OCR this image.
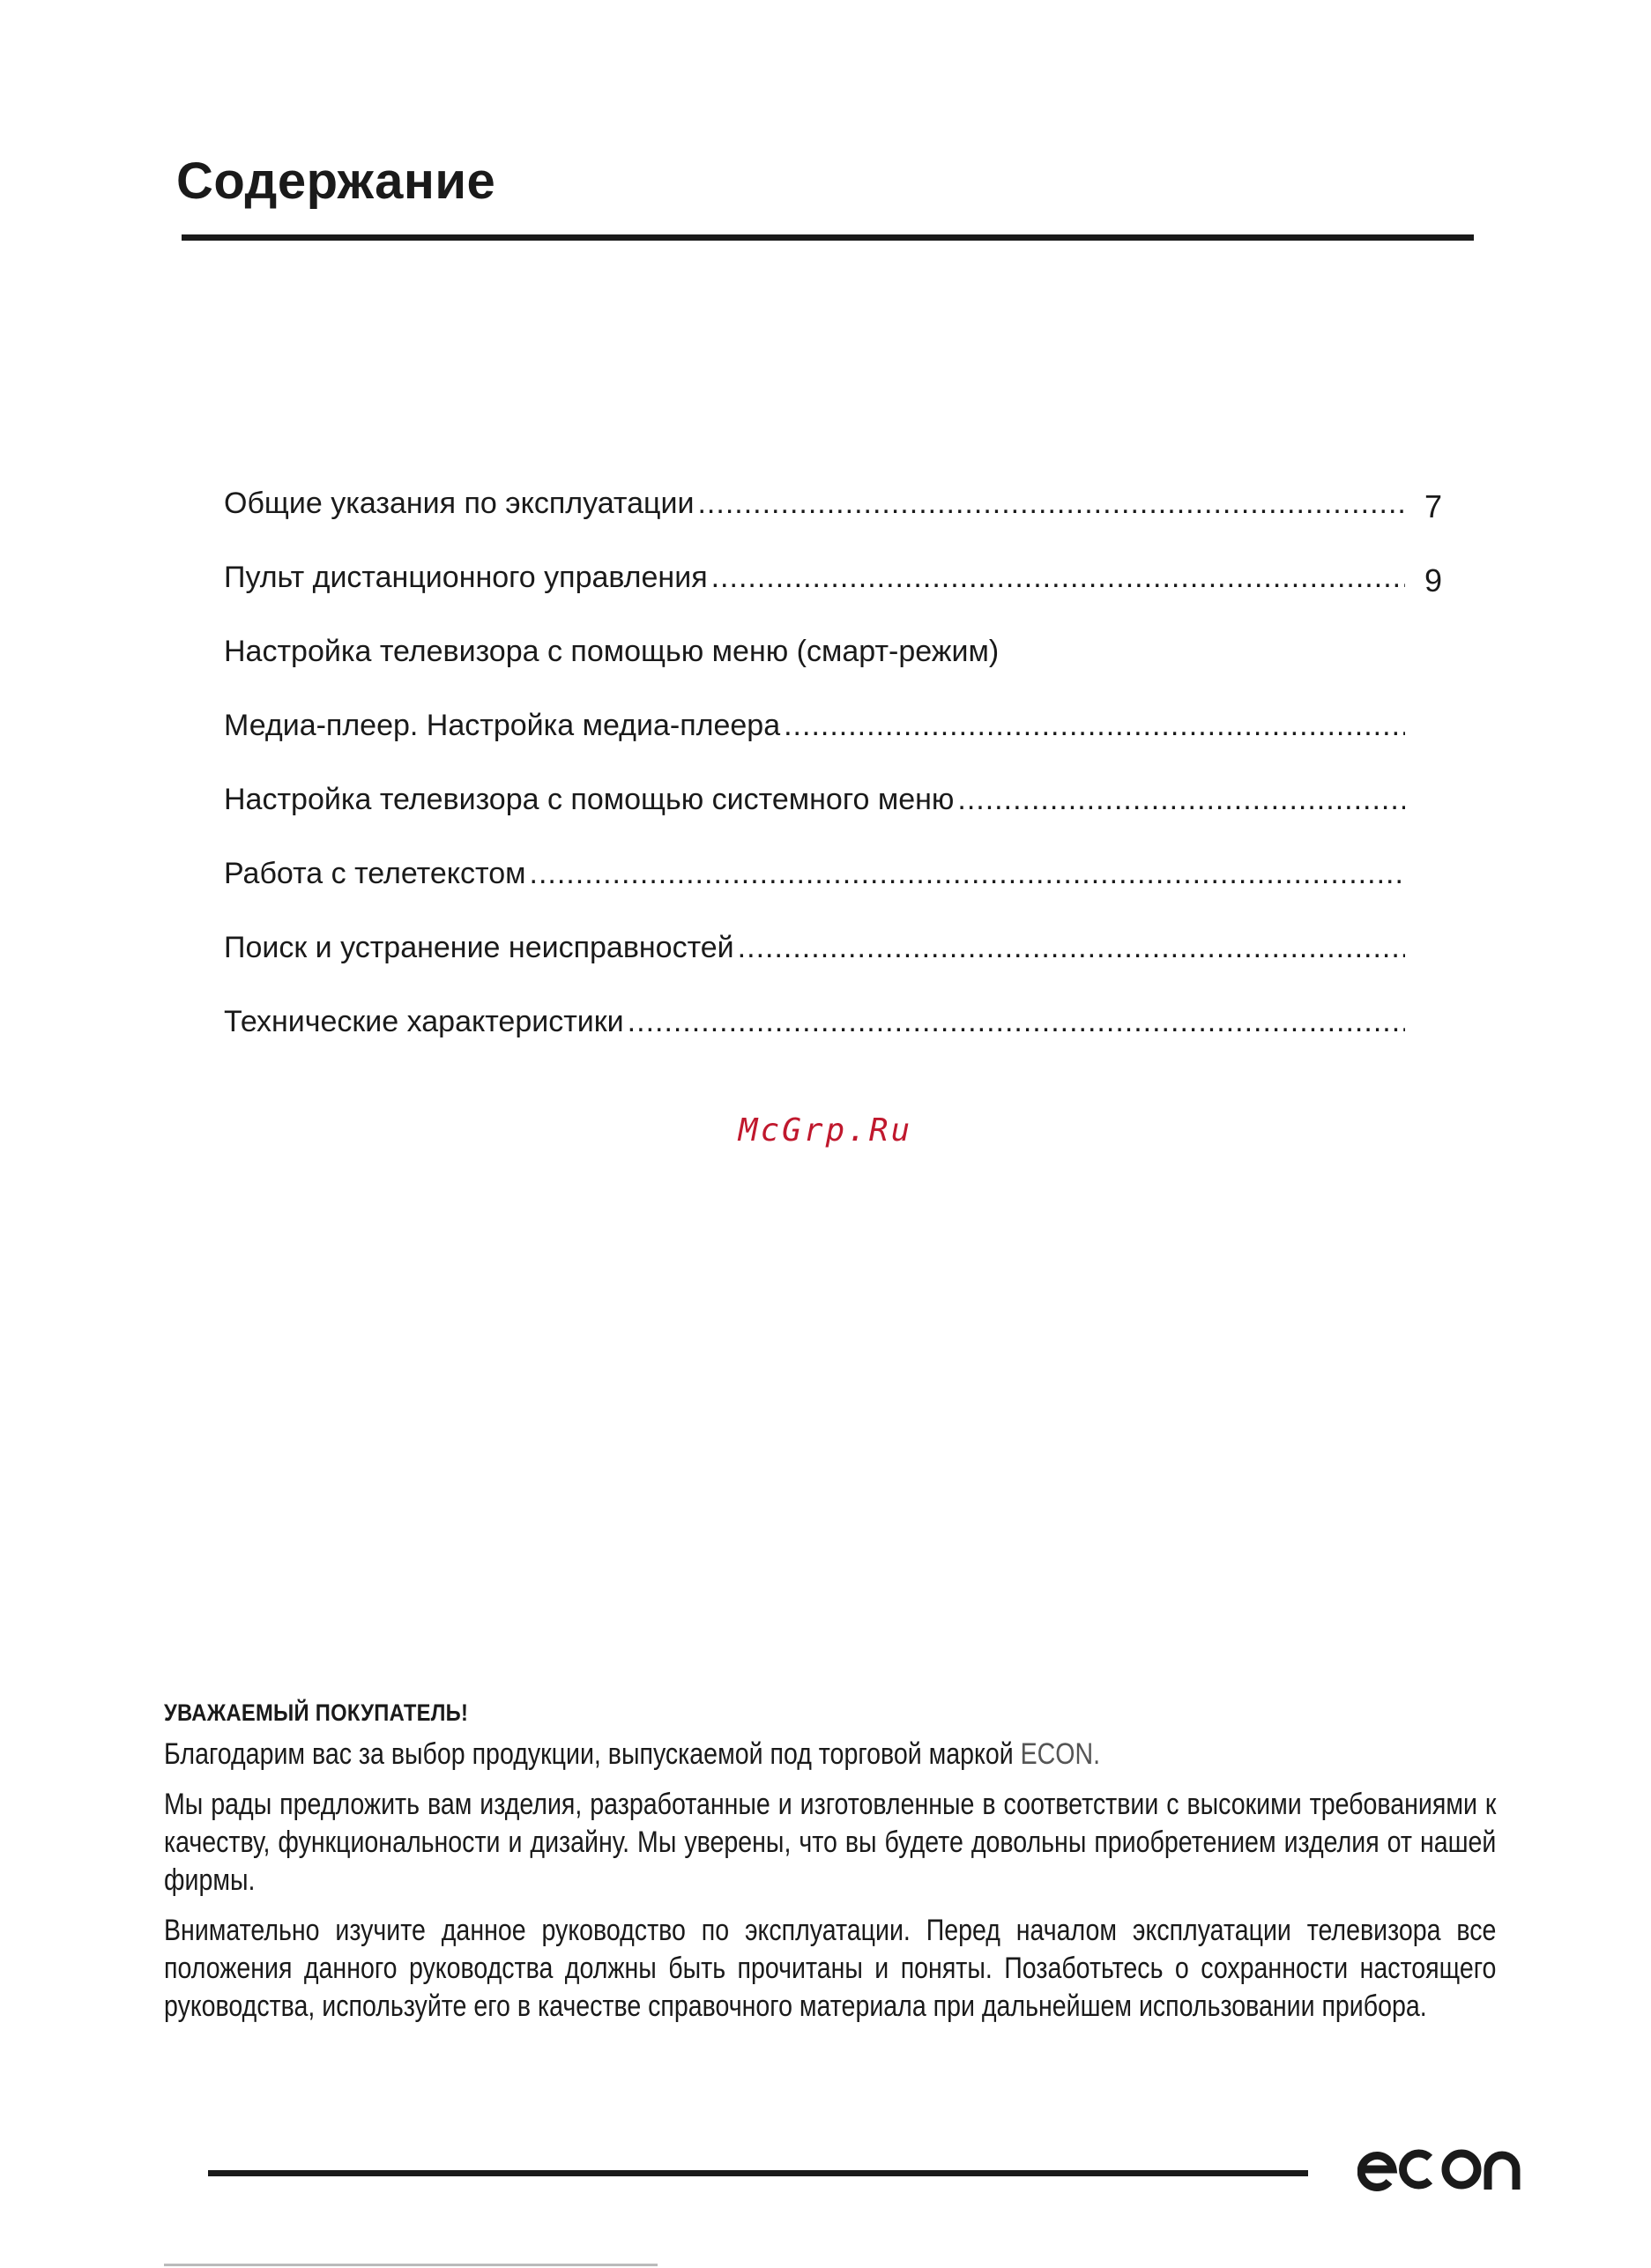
Содержание
Общие указания по эксплуатации .....	7
Пульт дистанционного управления .....	9
Настройка телевизора с помощью меню (смарт-режим)
Медиа-плеер. Настройка медиа-плеера
.....
Настройка телевизора с помощью системного меню
.....
Работа с телетекстом
.....
Поиск и устранение неисправностей
.....
Технические характеристики
.....
McGrp.Ru
УВАЖАЕМЫЙ ПОКУПАТЕЛЬ!

Благодарим вас за выбор продукции, выпускаемой под торговой маркой ECON.

Мы рады предложить вам изделия, разработанные и изготовленные в соответствии с высокими требованиями к качеству, функциональности и дизайну. Мы уверены, что вы будете довольны приобретением изделия от нашей фирмы.

Внимательно изучите данное руководство по эксплуатации. Перед началом эксплуатации телевизора все положения данного руководства должны быть прочитаны и поняты. Позаботьтесь о сохранности настоящего руководства, используйте его в качестве справочного материала при дальнейшем использовании прибора.
